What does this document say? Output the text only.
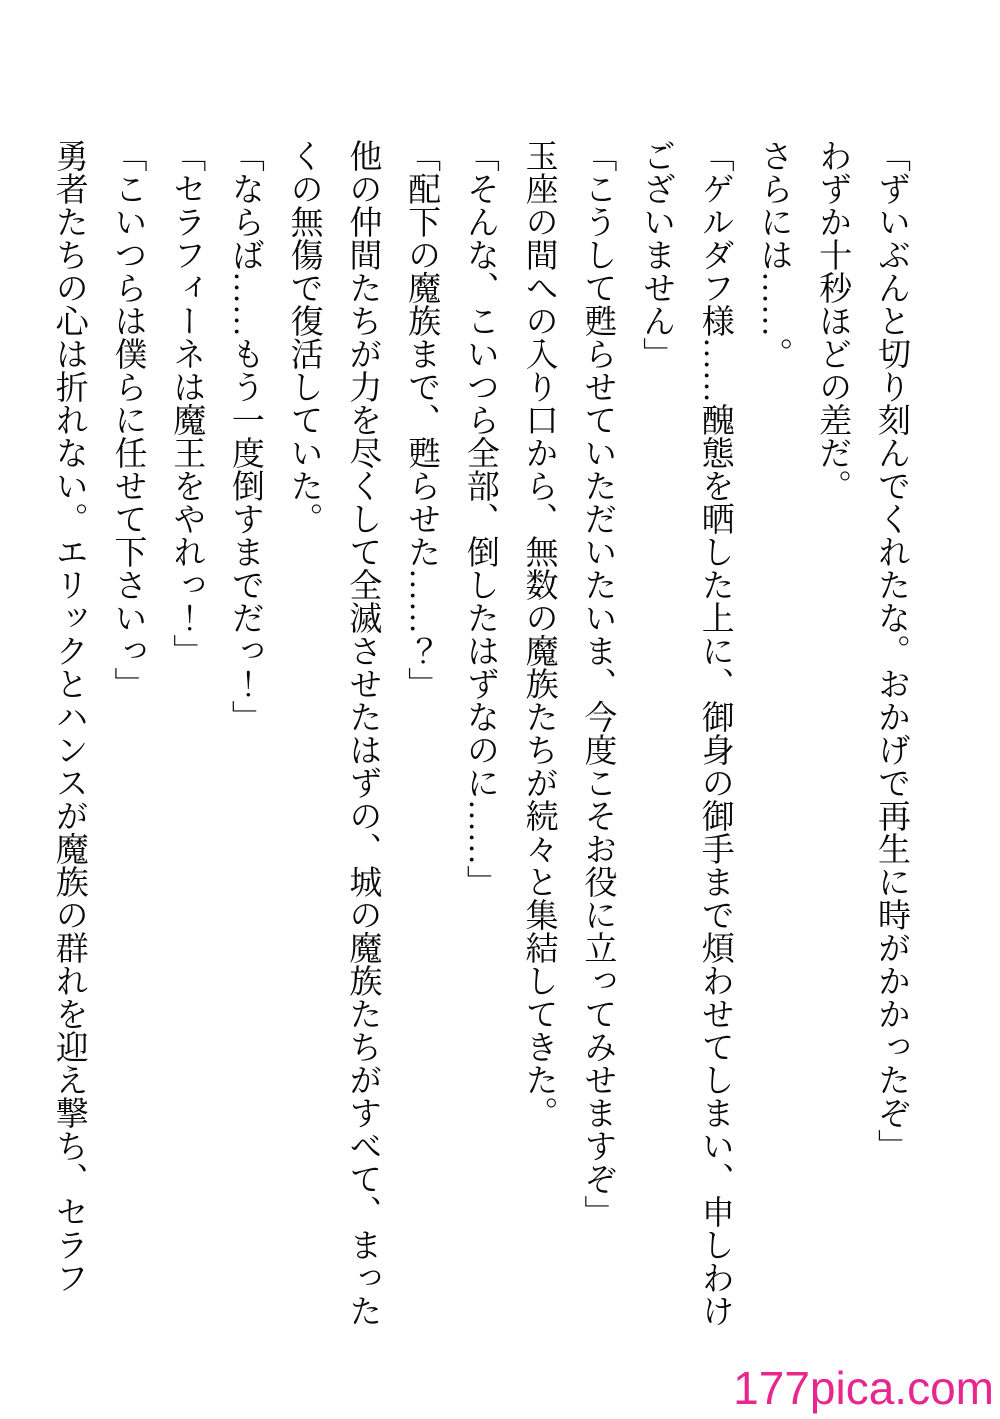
「ずいぶんと切り刻んでくれたな。おかげで再生に時がかかったぞ」

わずか十秒ほどの差だ。

さらには……。

「ゲルダフ様……醜態を晒した上に、御身の御手まで煩わせてしまい、申しわけございません」

「こうして甦らせていただいたいま、今度こそお役に立ってみせますぞ」

玉座の間への入り口から、無数の魔族たちが続々と集結してきた。

「そんな、こいつら全部、倒したはずなのに……」

「配下の魔族まで、甦らせた……？」

他の仲間たちが力を尽くして全滅させたはずの、城の魔族たちがすべて、まったくの無傷で復活していた。

「ならば……もう一度倒すまでだっ！」

「セラフィーネは魔王をやれっ！」

「こいつらは僕らに任せて下さいっ」

勇者たちの心は折れない。エリックとハンスが魔族の群れを迎え撃ち、セラフ

177pica.com
